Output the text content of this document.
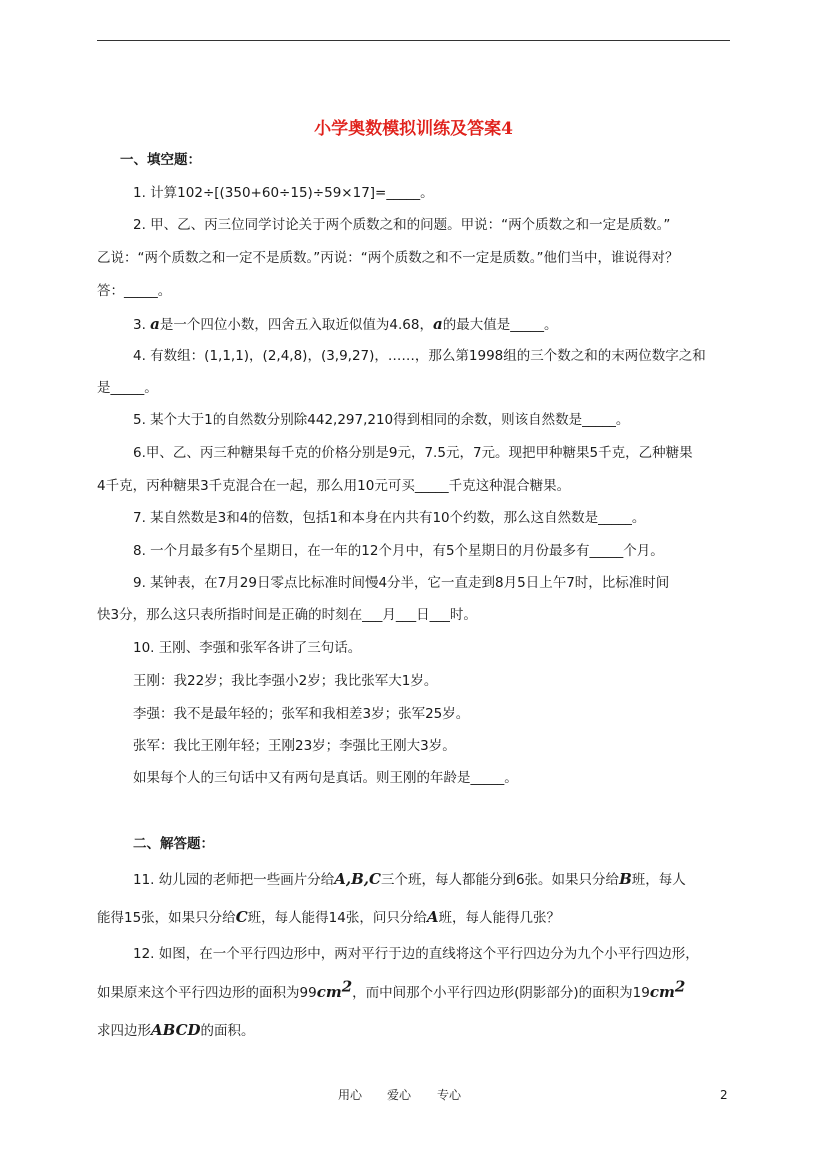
小学奥数模拟训练及答案4
一、填空题：
1. 计算102÷[(350+60÷15)÷59×17]=_____。
2. 甲、乙、丙三位同学讨论关于两个质数之和的问题。甲说：“两个质数之和一定是质数。”
乙说：“两个质数之和一定不是质数。”丙说：“两个质数之和不一定是质数。”他们当中，谁说得对？
答：_____。
3. a是一个四位小数，四舍五入取近似值为4.68，a的最大值是_____。
4. 有数组：(1,1,1)，(2,4,8)，(3,9,27)，……，那么第1998组的三个数之和的末两位数字之和
是_____。
5. 某个大于1的自然数分别除442,297,210得到相同的余数，则该自然数是_____。
6.甲、乙、丙三种糖果每千克的价格分别是9元，7.5元，7元。现把甲种糖果5千克，乙种糖果
4千克，丙种糖果3千克混合在一起，那么用10元可买_____千克这种混合糖果。
7. 某自然数是3和4的倍数，包括1和本身在内共有10个约数，那么这自然数是_____。
8. 一个月最多有5个星期日，在一年的12个月中，有5个星期日的月份最多有_____个月。
9. 某钟表，在7月29日零点比标准时间慢4分半，它一直走到8月5日上午7时，比标准时间
快3分，那么这只表所指时间是正确的时刻在___月___日___时。
10. 王刚、李强和张军各讲了三句话。
王刚：我22岁；我比李强小2岁；我比张军大1岁。
李强：我不是最年轻的；张军和我相差3岁；张军25岁。
张军：我比王刚年轻；王刚23岁；李强比王刚大3岁。
如果每个人的三句话中又有两句是真话。则王刚的年龄是_____。
二、解答题：
11. 幼儿园的老师把一些画片分给A,B,C三个班，每人都能分到6张。如果只分给B班，每人
能得15张，如果只分给C班，每人能得14张，问只分给A班，每人能得几张？
12. 如图，在一个平行四边形中，两对平行于边的直线将这个平行四边分为九个小平行四边形，
如果原来这个平行四边形的面积为$99cm^2$，而中间那个小平行四边形(阴影部分)的面积为$19cm^2$
求四边形ABCD的面积。
用心 爱心 专心	2
